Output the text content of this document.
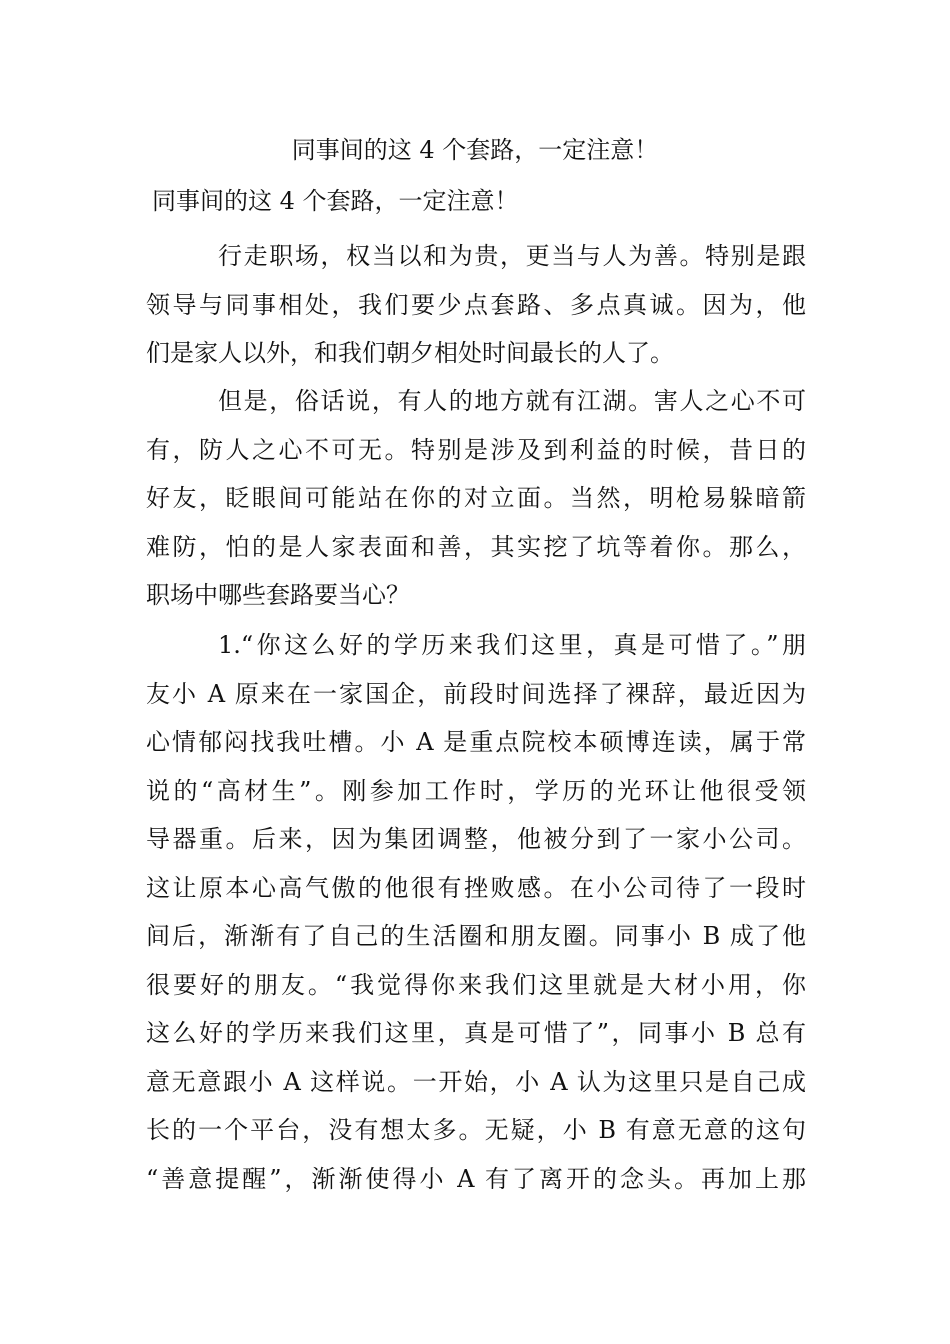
同事间的这 4 个套路，一定注意！
同事间的这 4 个套路，一定注意！
行走职场，权当以和为贵，更当与人为善。特别是跟
领导与同事相处，我们要少点套路、多点真诚。因为，他
们是家人以外，和我们朝夕相处时间最长的人了。
但是，俗话说，有人的地方就有江湖。害人之心不可
有，防人之心不可无。特别是涉及到利益的时候，昔日的
好友，眨眼间可能站在你的对立面。当然，明枪易躲暗箭
难防，怕的是人家表面和善，其实挖了坑等着你。那么，
职场中哪些套路要当心？
1.“你这么好的学历来我们这里，真是可惜了。”朋
友小 A 原来在一家国企，前段时间选择了裸辞，最近因为
心情郁闷找我吐槽。小 A 是重点院校本硕博连读，属于常
说的“高材生”。刚参加工作时，学历的光环让他很受领
导器重。后来，因为集团调整，他被分到了一家小公司。
这让原本心高气傲的他很有挫败感。在小公司待了一段时
间后，渐渐有了自己的生活圈和朋友圈。同事小 B 成了他
很要好的朋友。“我觉得你来我们这里就是大材小用，你
这么好的学历来我们这里，真是可惜了”，同事小 B 总有
意无意跟小 A 这样说。一开始，小 A 认为这里只是自己成
长的一个平台，没有想太多。无疑，小 B 有意无意的这句
“善意提醒”，渐渐使得小 A 有了离开的念头。再加上那
